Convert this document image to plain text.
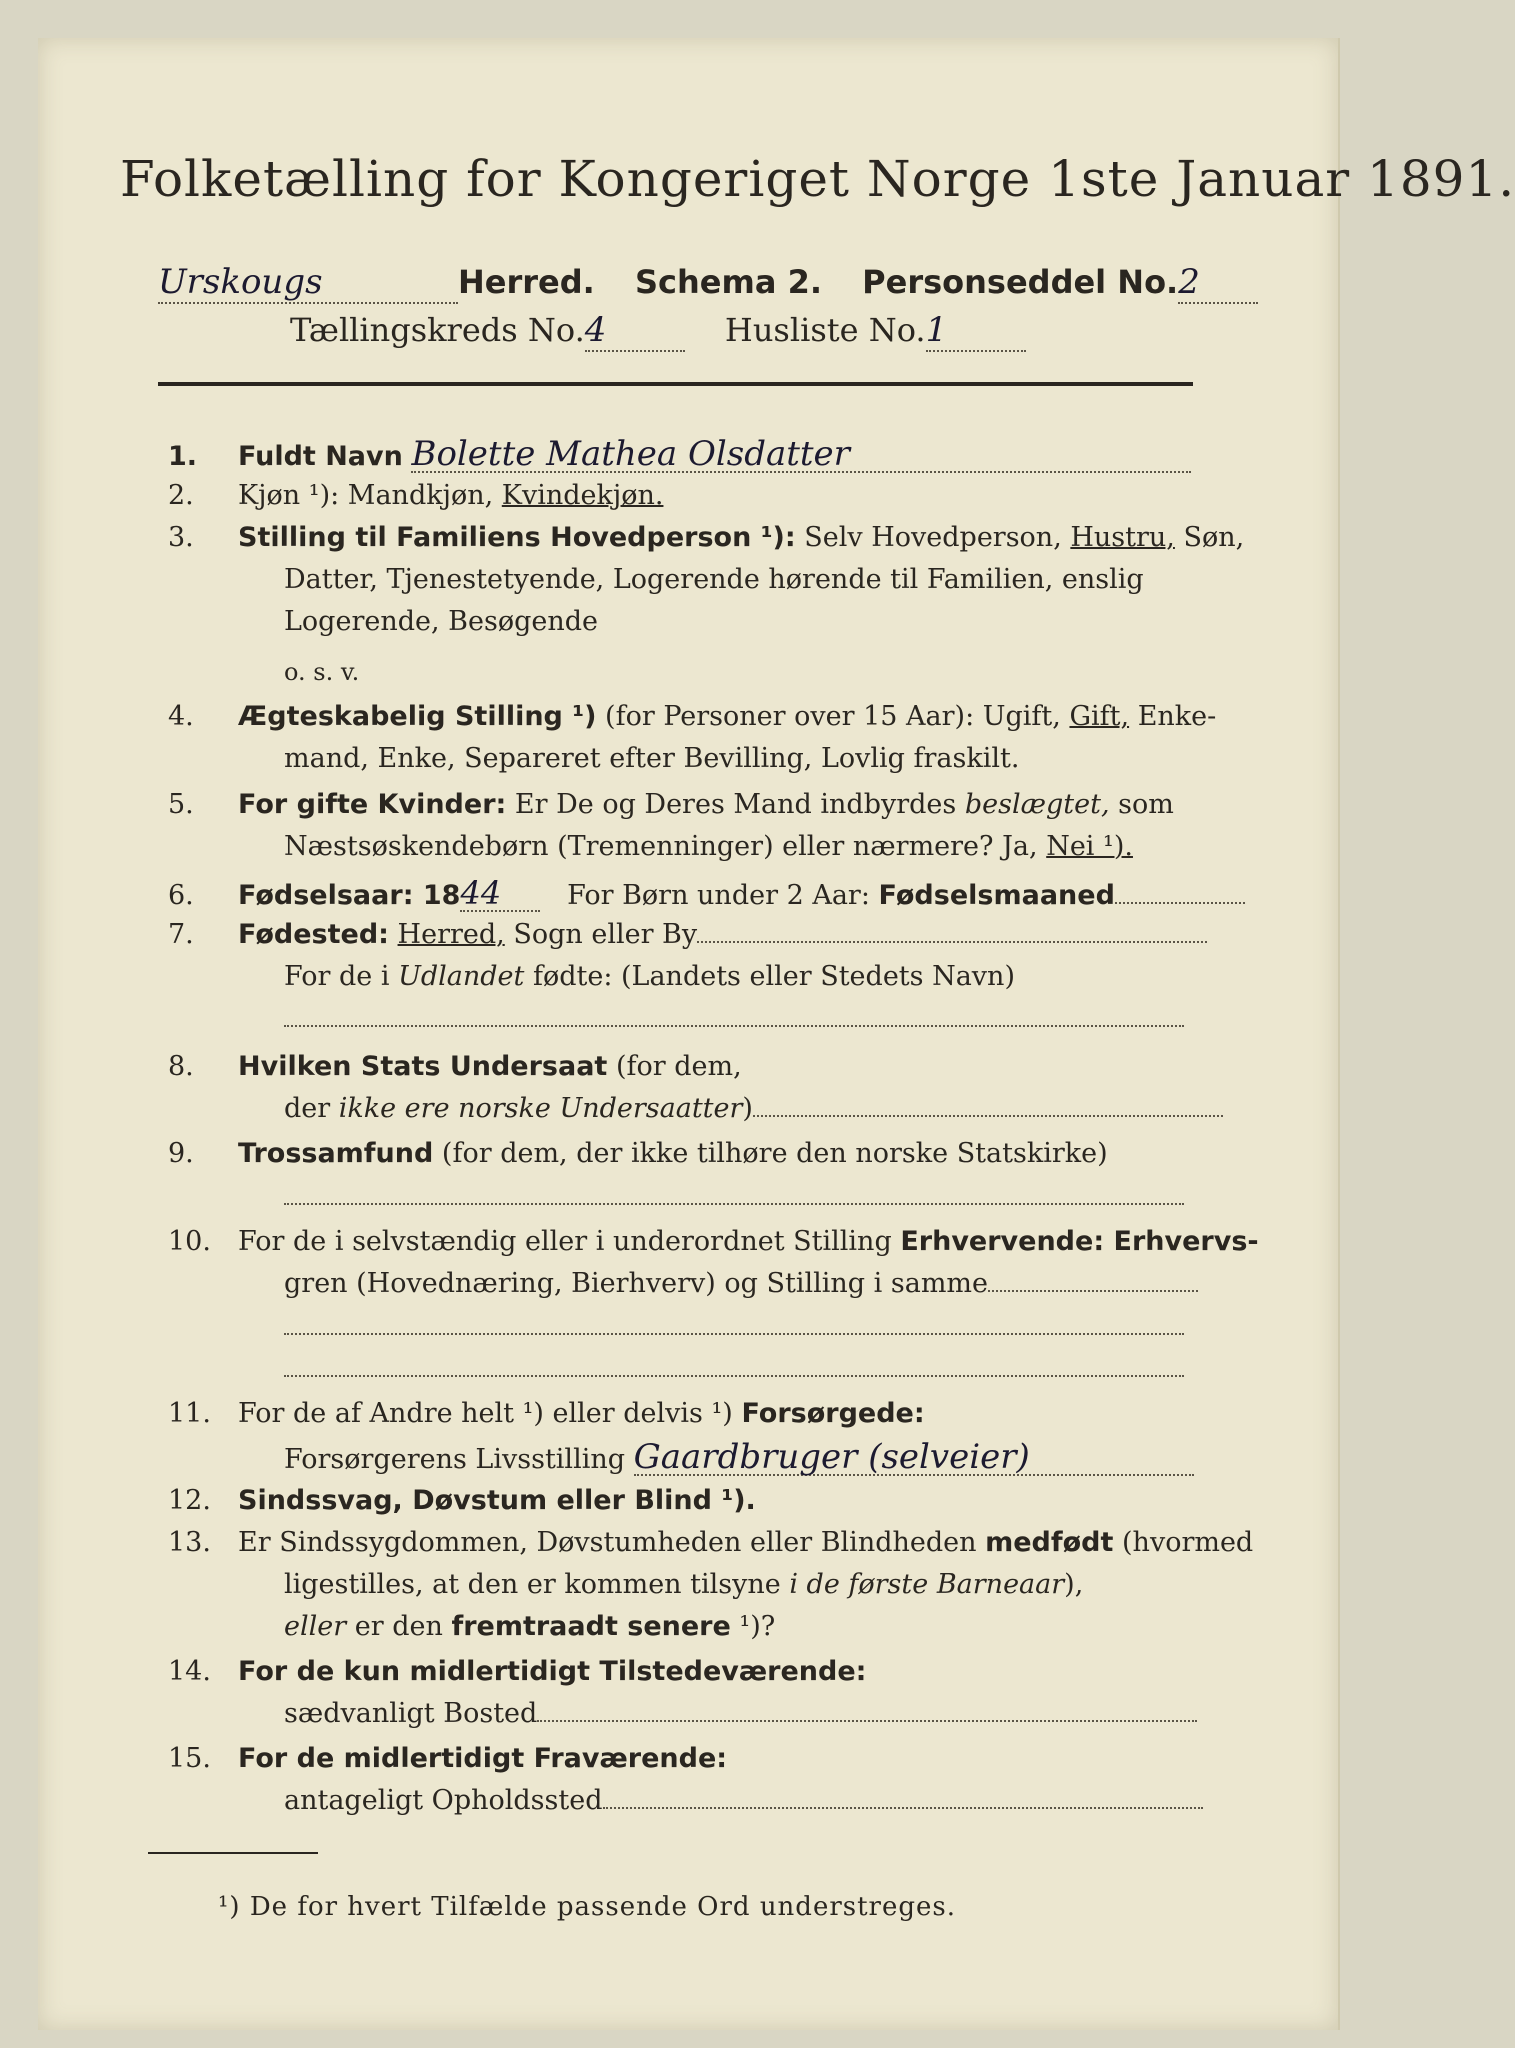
Folketælling for Kongeriget Norge 1ste Januar 1891.
Urskougs	Herred. Schema 2. Personseddel No.2
Tællingskreds No.4	Husliste No.1
1. Fuldt Navn Bolette Mathea Olsdatter
2. Kjøn ¹): Mandkjøn, Kvindekjøn.
3. Stilling til Familiens Hovedperson ¹): Selv Hovedperson, Hustru, Søn,
Datter, Tjenestetyende, Logerende hørende til Familien, enslig
Logerende, Besøgende
o. s. v.
4. Ægteskabelig Stilling ¹) (for Personer over 15 Aar): Ugift, Gift, Enke-
mand, Enke, Separeret efter Bevilling, Lovlig fraskilt.
5. For gifte Kvinder: Er De og Deres Mand indbyrdes beslægtet, som
Næstsøskendebørn (Tremenninger) eller nærmere? Ja, Nei ¹).
6. Fødselsaar: 1844 For Børn under 2 Aar: Fødselsmaaned
7. Fødested: Herred, Sogn eller By
For de i Udlandet fødte: (Landets eller Stedets Navn)
8. Hvilken Stats Undersaat (for dem,
der ikke ere norske Undersaatter)
9. Trossamfund (for dem, der ikke tilhøre den norske Statskirke)
10. For de i selvstændig eller i underordnet Stilling Erhvervende: Erhvervs-
gren (Hovednæring, Bierhverv) og Stilling i samme
11. For de af Andre helt ¹) eller delvis ¹) Forsørgede:
Forsørgerens Livsstilling Gaardbruger (selveier)
12. Sindssvag, Døvstum eller Blind ¹).
13. Er Sindssygdommen, Døvstumheden eller Blindheden medfødt (hvormed
ligestilles, at den er kommen tilsyne i de første Barneaar),
eller er den fremtraadt senere ¹)?
14. For de kun midlertidigt Tilstedeværende:
sædvanligt Bosted
15. For de midlertidigt Fraværende:
antageligt Opholdssted
¹) De for hvert Tilfælde passende Ord understreges.
